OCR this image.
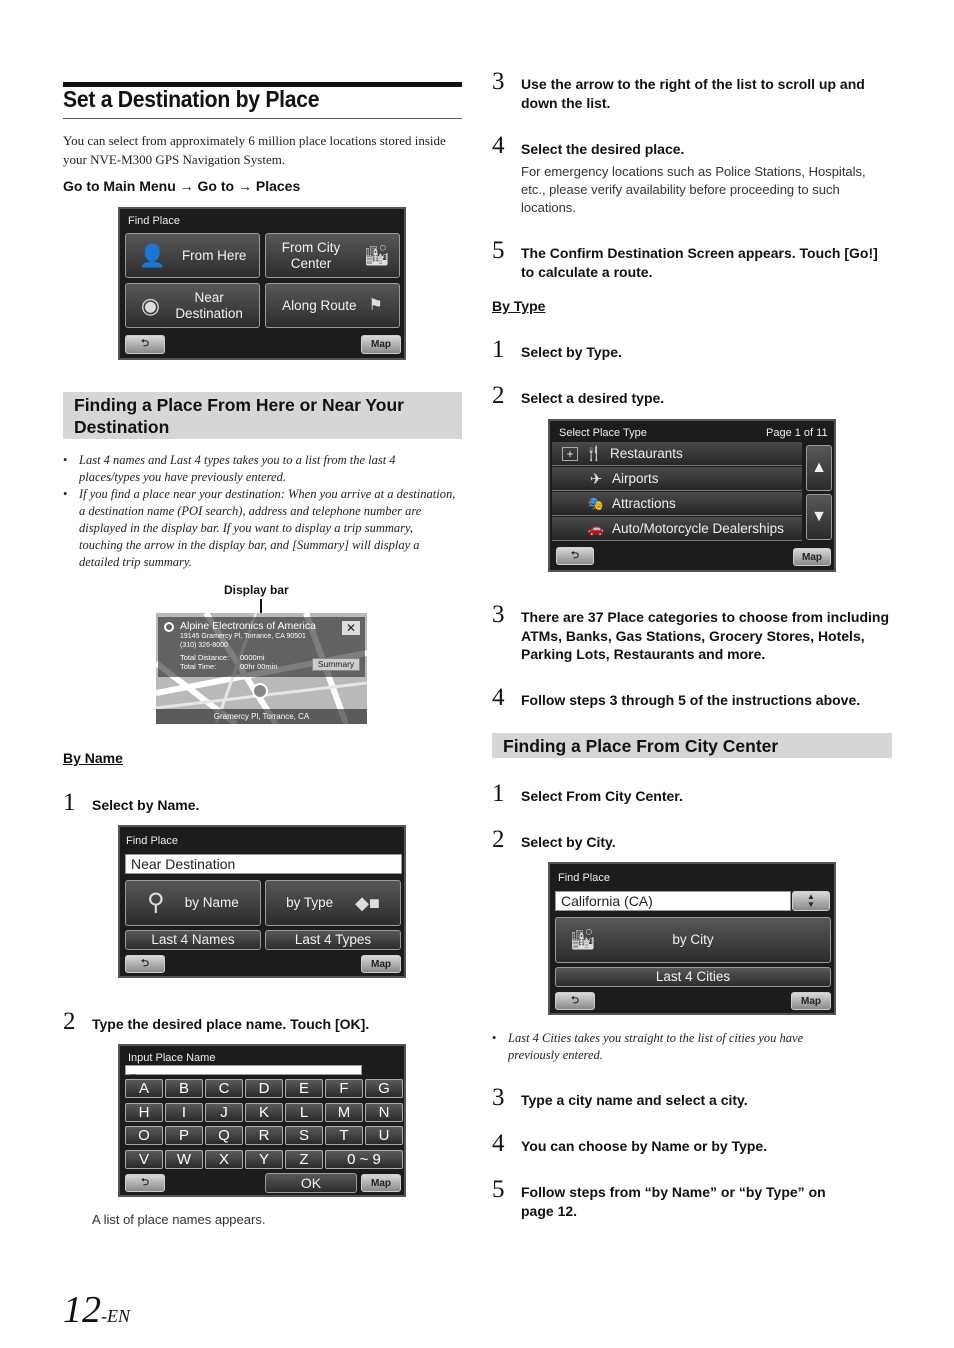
Set a Destination by Place
You can select from approximately 6 million place locations stored inside your NVE-M300 GPS Navigation System.
Go to Main Menu → Go to → Places
Find Place
👤 From Here
From City Center	🏙
◉	Near Destination
Along Route ⚑
⮌	Map
Finding a Place From Here or Near Your Destination
• Last 4 names and Last 4 types takes you to a list from the last 4 places/types you have previously entered.
• If you find a place near your destination: When you arrive at a destination, a destination name (POI search), address and telephone number are displayed in the display bar. If you want to display a trip summary, touching the arrow in the display bar, and [Summary] will display a detailed trip summary.
Display bar
Alpine Electronics of America
19145 Gramercy Pl, Torrance, CA 90501
(310) 326-8000
Total Distance: 0000mi
Total Time:	00hr 00min
✕
Summary
Gramercy Pl, Torrance, CA
By Name
1 Select by Name.
Find Place
Near Destination
⚲ by Name	by Type ◆■
Last 4 Names	Last 4 Types
⮌	Map
2 Type the desired place name. Touch [OK].
Input Place Name
_
A	B	C	D	E	F	G
H	I	J	K	L	M	N
O	P	Q	R	S	T	U
V	W	X	Y	Z	0 ~ 9
⮌	OK	Map
A list of place names appears.
12-EN
3 Use the arrow to the right of the list to scroll up and down the list.
4 Select the desired place.
For emergency locations such as Police Stations, Hospitals, etc., please verify availability before proceeding to such locations.
5 The Confirm Destination Screen appears. Touch [Go!] to calculate a route.
By Type
1 Select by Type.
2 Select a desired type.
Select Place Type	Page 1 of 11
+ 🍴 Restaurants
✈ Airports
🎭 Attractions
🚗 Auto/Motorcycle Dealerships
▲
▼
⮌	Map
3 There are 37 Place categories to choose from including ATMs, Banks, Gas Stations, Grocery Stores, Hotels, Parking Lots, Restaurants and more.
4 Follow steps 3 through 5 of the instructions above.
Finding a Place From City Center
1 Select From City Center.
2 Select by City.
Find Place
California (CA)	▲
▼
🏙	by City
Last 4 Cities
⮌	Map
• Last 4 Cities takes you straight to the list of cities you have previously entered.
3 Type a city name and select a city.
4 You can choose by Name or by Type.
5 Follow steps from “by Name” or “by Type” on page 12.
